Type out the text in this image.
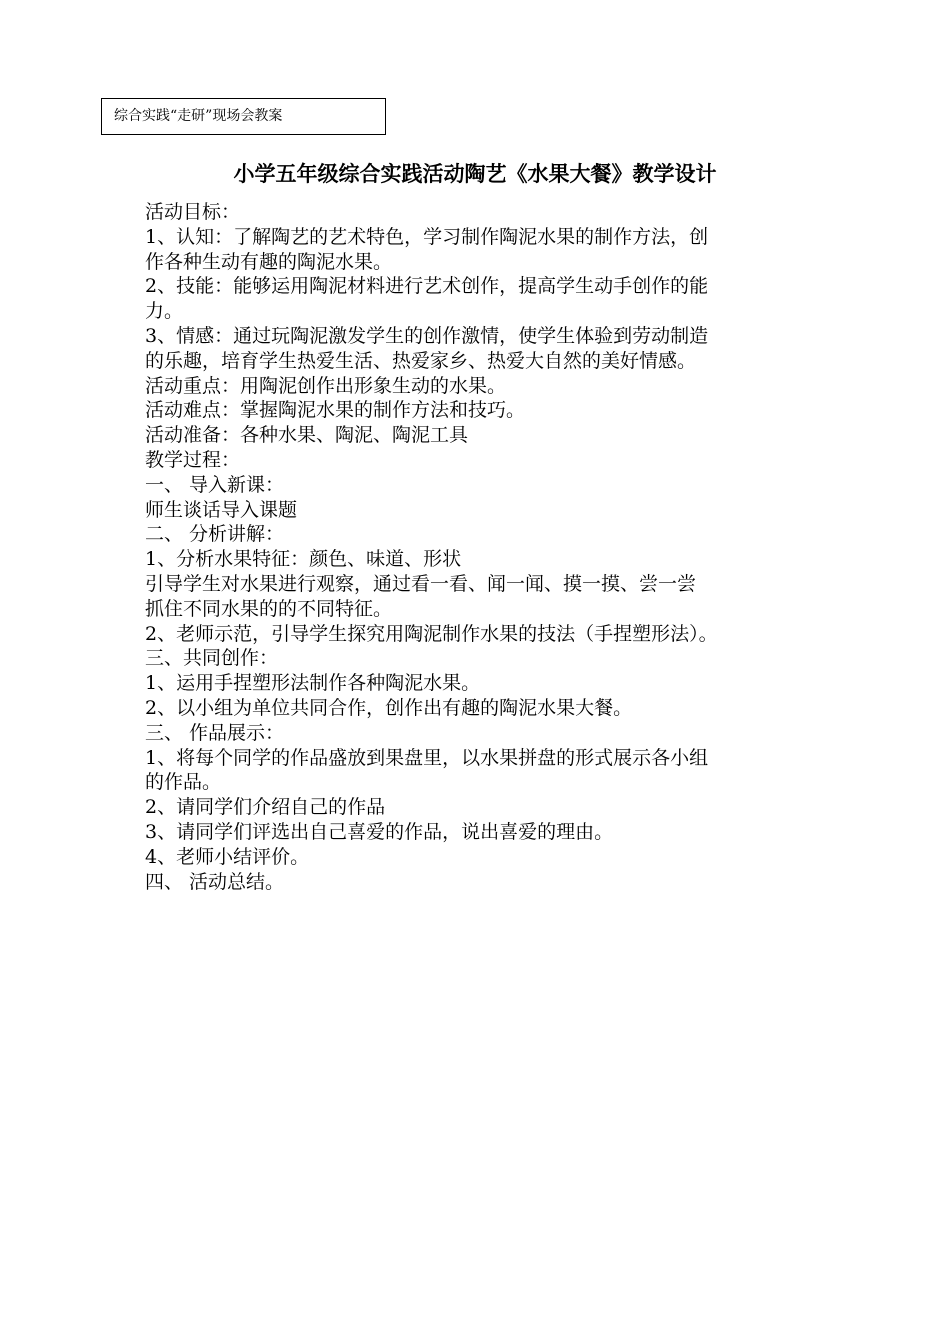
综合实践“走研”现场会教案
小学五年级综合实践活动陶艺《水果大餐》教学设计
活动目标：
1、认知：了解陶艺的艺术特色，学习制作陶泥水果的制作方法，创
作各种生动有趣的陶泥水果。
2、技能：能够运用陶泥材料进行艺术创作，提高学生动手创作的能
力。
3、情感：通过玩陶泥激发学生的创作激情，使学生体验到劳动制造
的乐趣，培育学生热爱生活、热爱家乡、热爱大自然的美好情感。
活动重点：用陶泥创作出形象生动的水果。
活动难点：掌握陶泥水果的制作方法和技巧。
活动准备：各种水果、陶泥、陶泥工具
教学过程：
一、 导入新课：
师生谈话导入课题
二、 分析讲解：
1、分析水果特征：颜色、味道、形状
引导学生对水果进行观察，通过看一看、闻一闻、摸一摸、尝一尝
抓住不同水果的的不同特征。
2、老师示范，引导学生探究用陶泥制作水果的技法（手捏塑形法）。
三、共同创作：
1、运用手捏塑形法制作各种陶泥水果。
2、以小组为单位共同合作，创作出有趣的陶泥水果大餐。
三、 作品展示：
1、将每个同学的作品盛放到果盘里，以水果拼盘的形式展示各小组
的作品。
2、请同学们介绍自己的作品
3、请同学们评选出自己喜爱的作品，说出喜爱的理由。
4、老师小结评价。
四、 活动总结。
